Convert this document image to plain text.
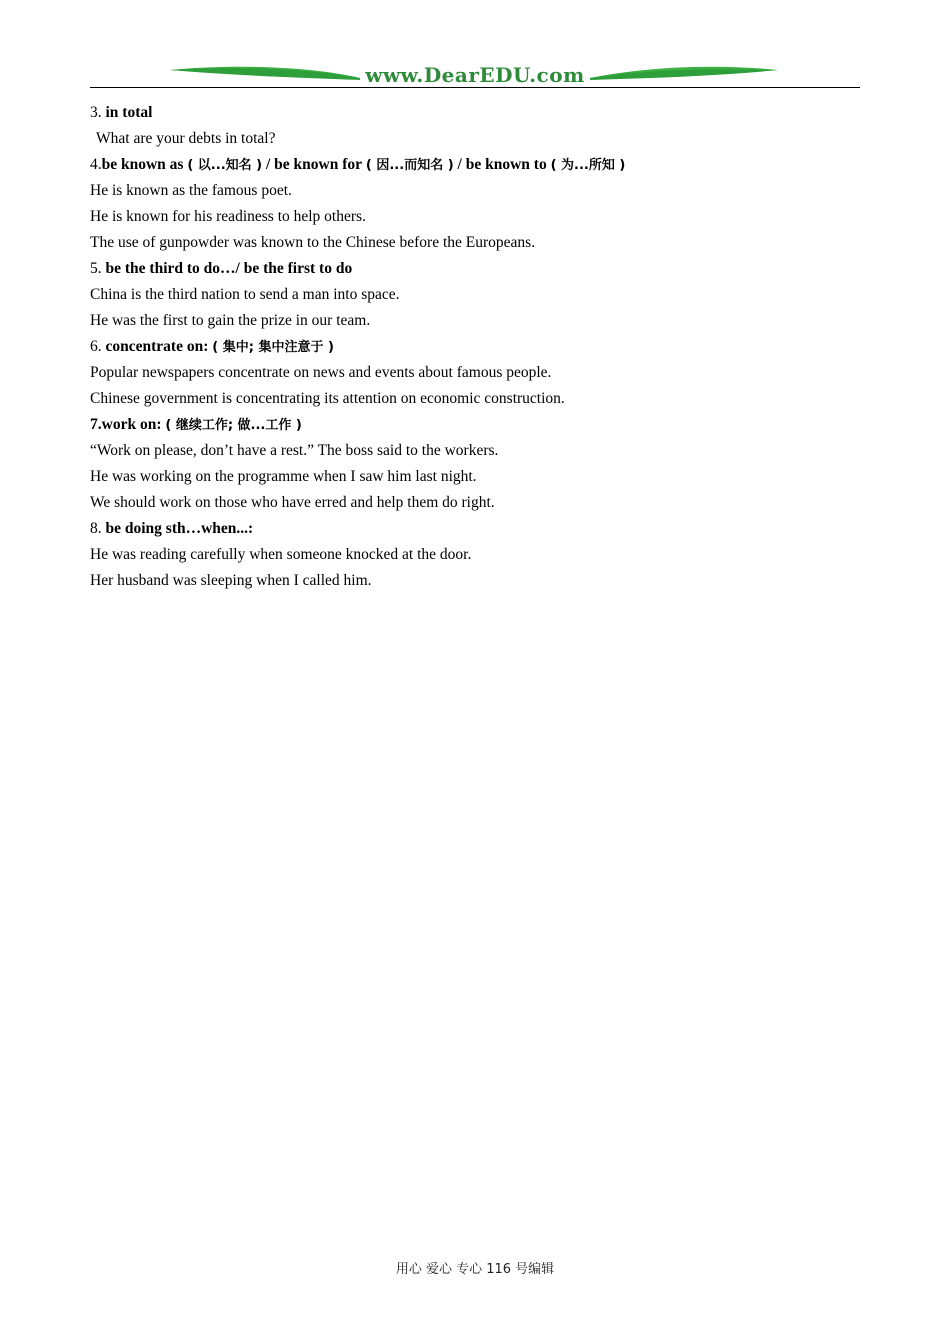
www.DearEDU.com
3. in total
What are your debts in total?
4.be known as ( 以...知名 ) / be known for ( 因...而知名 ) / be known to ( 为...所知 )
He is known as the famous poet.
He is known for his readiness to help others.
The use of gunpowder was known to the Chinese before the Europeans.
5. be the third to do…/ be the first to do
China is the third nation to send a man into space.
He was the first to gain the prize in our team.
6. concentrate on: ( 集中; 集中注意于 )
Popular newspapers concentrate on news and events about famous people.
Chinese government is concentrating its attention on economic construction.
7.work on: ( 继续工作; 做...工作 )
“Work on please, don’t have a rest.” The boss said to the workers.
He was working on the programme when I saw him last night.
We should work on those who have erred and help them do right.
8. be doing sth…when...:
He was reading carefully when someone knocked at the door.
Her husband was sleeping when I called him.
用心 爱心 专心 116 号编辑
